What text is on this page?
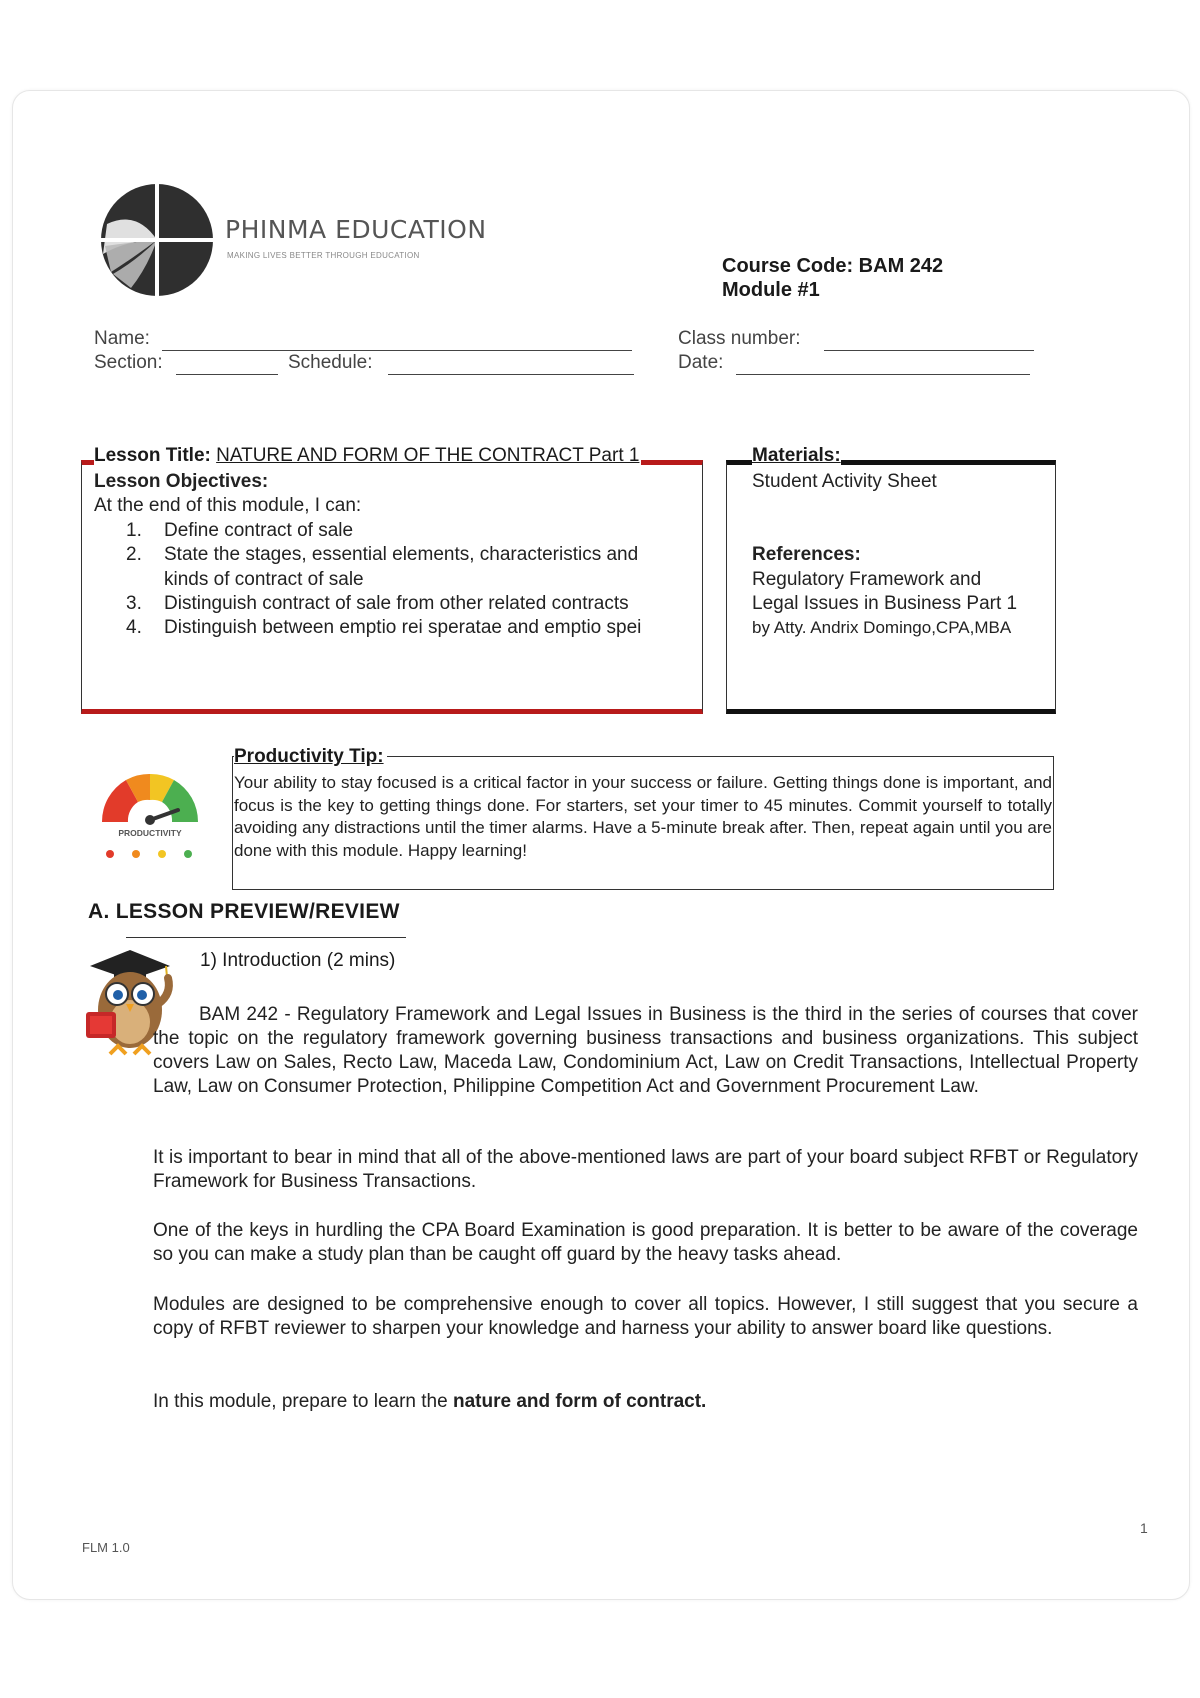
PHINMA EDUCATION
MAKING LIVES BETTER THROUGH EDUCATION	Course Code: BAM 242
Module #1
Name:
Section:	Schedule:
Class number:
Date:
Lesson Title: NATURE AND FORM OF THE CONTRACT Part 1	Materials:
Lesson Objectives:
At the end of this module, I can:
1.	Define contract of sale
2.	State the stages, essential elements, characteristics and kinds of contract of sale
3.	Distinguish contract of sale from other related contracts
4.	Distinguish between emptio rei speratae and emptio spei
Student Activity Sheet
References:
Regulatory Framework and
Legal Issues in Business Part 1
by Atty. Andrix Domingo,CPA,MBA
PRODUCTIVITY
Productivity Tip:
Your ability to stay focused is a critical factor in your success or failure. Getting things done is important, and focus is the key to getting things done. For starters, set your timer to 45 minutes. Commit yourself to totally avoiding any distractions until the timer alarms. Have a 5-minute break after. Then, repeat again until you are done with this module. Happy learning!
A. LESSON PREVIEW/REVIEW
1) Introduction (2 mins)
BAM 242 - Regulatory Framework and Legal Issues in Business is the third in the series of courses that cover the topic on the regulatory framework governing business transactions and business organizations. This subject covers Law on Sales, Recto Law, Maceda Law, Condominium Act, Law on Credit Transactions, Intellectual Property Law, Law on Consumer Protection, Philippine Competition Act and Government Procurement Law.
It is important to bear in mind that all of the above-mentioned laws are part of your board subject RFBT or Regulatory Framework for Business Transactions.
One of the keys in hurdling the CPA Board Examination is good preparation. It is better to be aware of the coverage so you can make a study plan than be caught off guard by the heavy tasks ahead.
Modules are designed to be comprehensive enough to cover all topics. However, I still suggest that you secure a copy of RFBT reviewer to sharpen your knowledge and harness your ability to answer board like questions.
In this module, prepare to learn the nature and form of contract.
FLM 1.0
1
